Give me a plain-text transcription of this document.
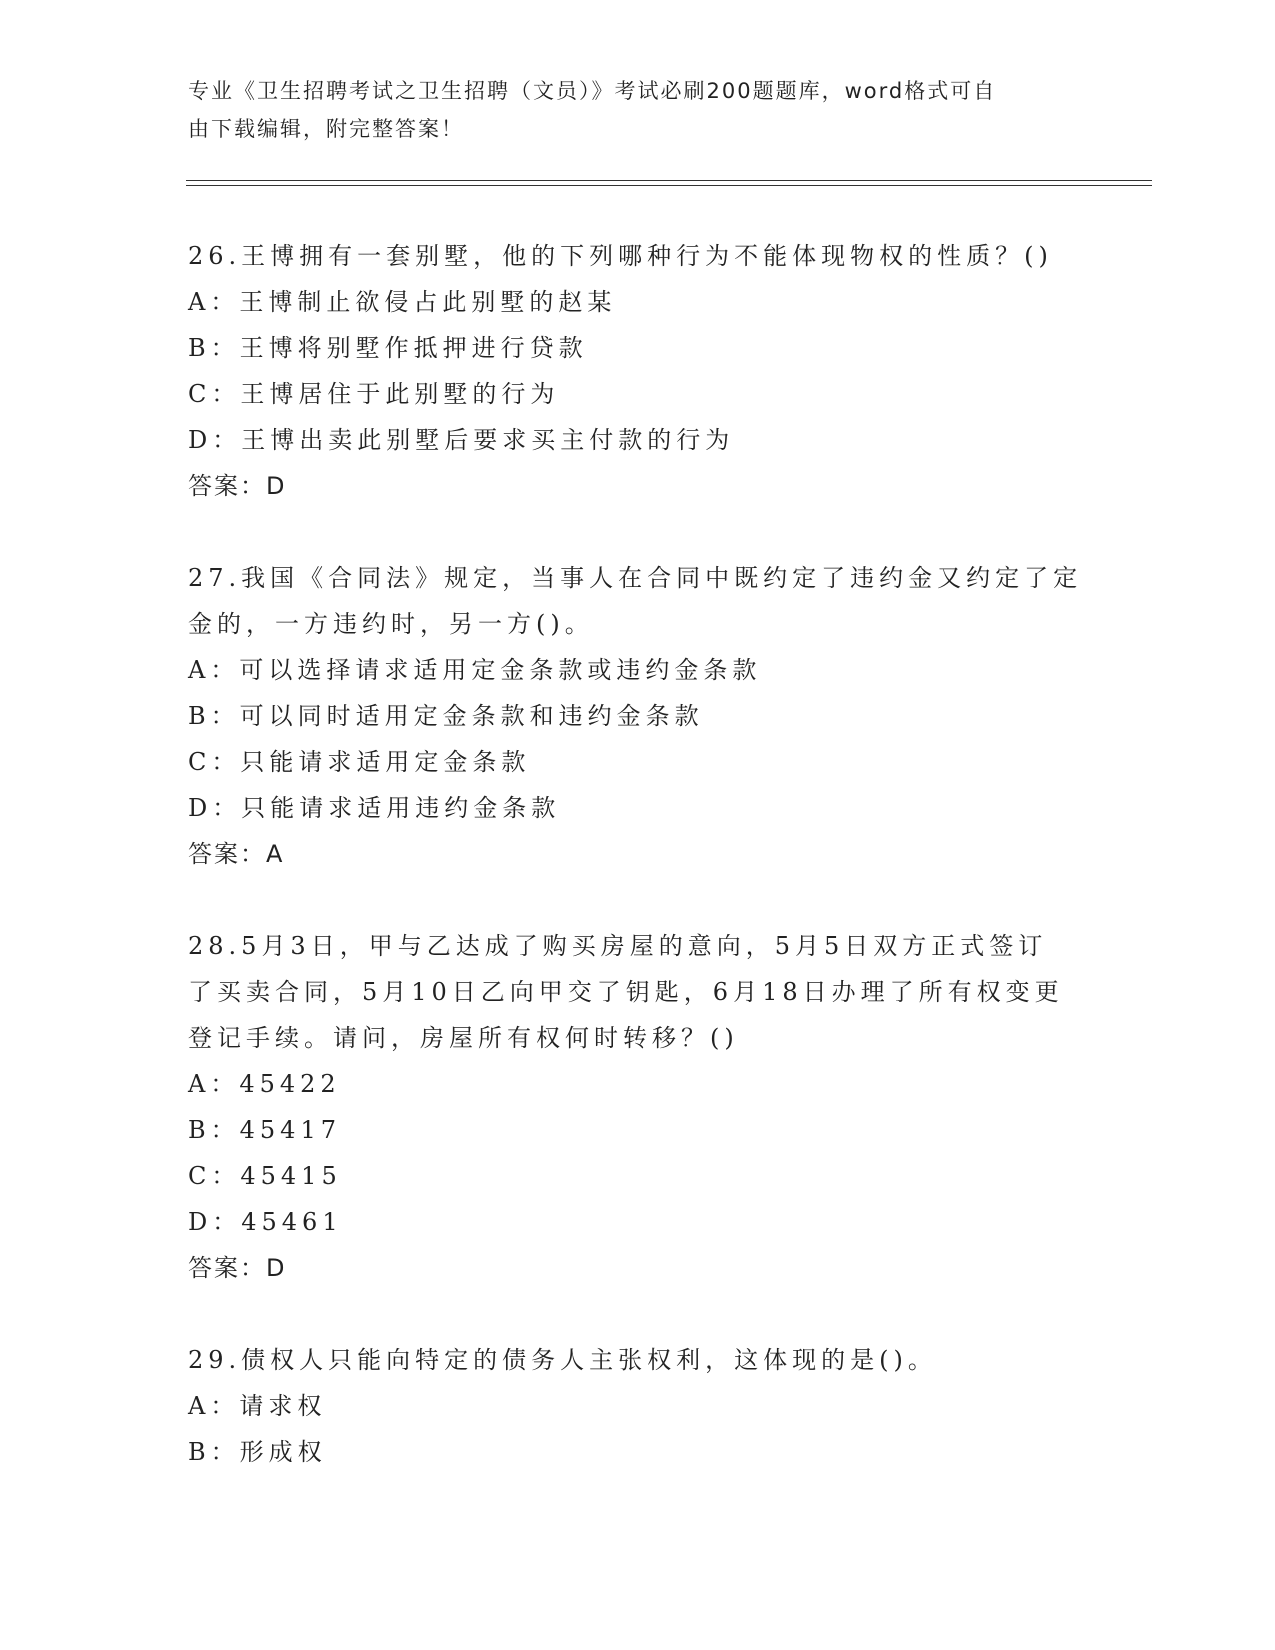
专业《卫生招聘考试之卫生招聘（文员）》考试必刷200题题库，word格式可自
由下载编辑，附完整答案！
26.王博拥有一套别墅，他的下列哪种行为不能体现物权的性质？()
A：王博制止欲侵占此别墅的赵某
B：王博将别墅作抵押进行贷款
C：王博居住于此别墅的行为
D：王博出卖此别墅后要求买主付款的行为
答案：D
27.我国《合同法》规定，当事人在合同中既约定了违约金又约定了定
金的，一方违约时，另一方()。
A：可以选择请求适用定金条款或违约金条款
B：可以同时适用定金条款和违约金条款
C：只能请求适用定金条款
D：只能请求适用违约金条款
答案：A
28.5月3日，甲与乙达成了购买房屋的意向，5月5日双方正式签订
了买卖合同，5月10日乙向甲交了钥匙，6月18日办理了所有权变更
登记手续。请问，房屋所有权何时转移？()
A：45422
B：45417
C：45415
D：45461
答案：D
29.债权人只能向特定的债务人主张权利，这体现的是()。
A：请求权
B：形成权
